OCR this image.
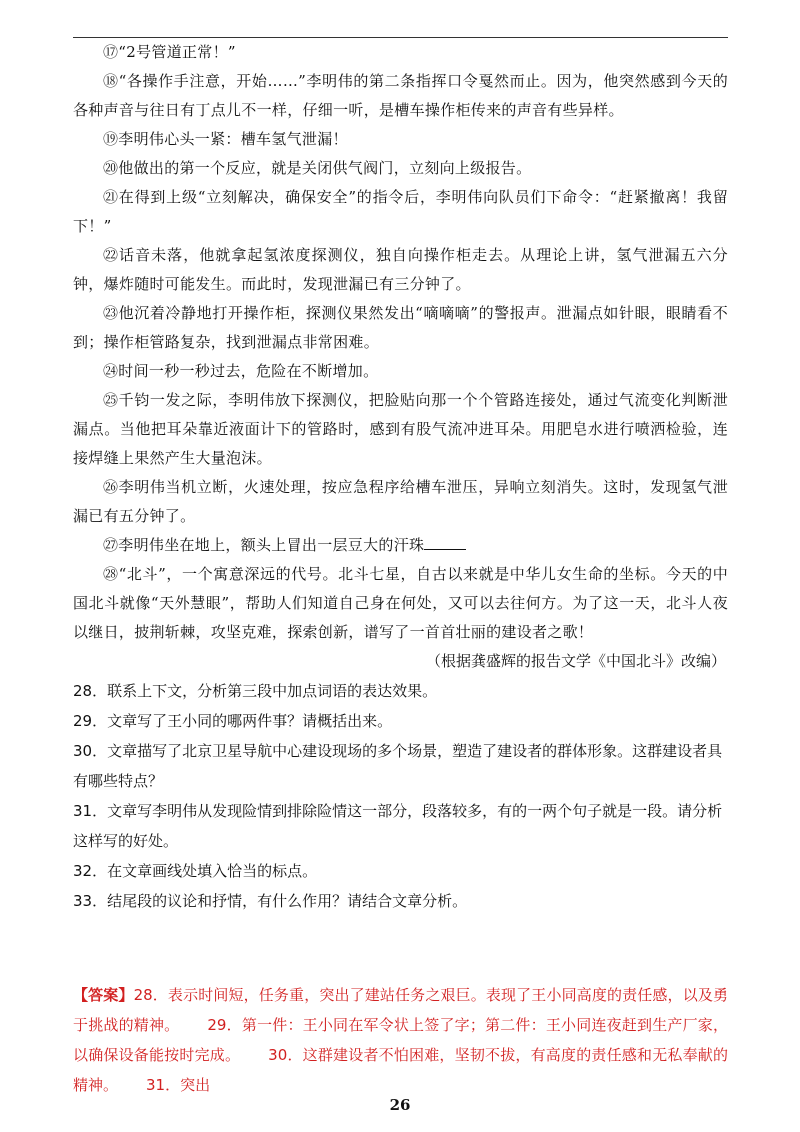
⑰“2号管道正常！”

⑱“各操作手注意，开始……”李明伟的第二条指挥口令戛然而止。因为，他突然感到今天的各种声音与往日有丁点儿不一样，仔细一听，是槽车操作柜传来的声音有些异样。

⑲李明伟心头一紧：槽车氢气泄漏！

⑳他做出的第一个反应，就是关闭供气阀门，立刻向上级报告。

㉑在得到上级“立刻解决，确保安全”的指令后，李明伟向队员们下命令：“赶紧撤离！我留下！”

㉒话音未落，他就拿起氢浓度探测仪，独自向操作柜走去。从理论上讲，氢气泄漏五六分钟，爆炸随时可能发生。而此时，发现泄漏已有三分钟了。

㉓他沉着冷静地打开操作柜，探测仪果然发出“嘀嘀嘀”的警报声。泄漏点如针眼，眼睛看不到；操作柜管路复杂，找到泄漏点非常困难。

㉔时间一秒一秒过去，危险在不断增加。

㉕千钧一发之际，李明伟放下探测仪，把脸贴向那一个个管路连接处，通过气流变化判断泄漏点。当他把耳朵靠近液面计下的管路时，感到有股气流冲进耳朵。用肥皂水进行喷洒检验，连接焊缝上果然产生大量泡沫。

㉖李明伟当机立断，火速处理，按应急程序给槽车泄压，异响立刻消失。这时，发现氢气泄漏已有五分钟了。

㉗李明伟坐在地上，额头上冒出一层豆大的汗珠

㉘“北斗”，一个寓意深远的代号。北斗七星，自古以来就是中华儿女生命的坐标。今天的中国北斗就像“天外慧眼”，帮助人们知道自己身在何处，又可以去往何方。为了这一天，北斗人夜以继日，披荆斩棘，攻坚克难，探索创新，谱写了一首首壮丽的建设者之歌！

（根据龚盛辉的报告文学《中国北斗》改编）

28．联系上下文，分析第三段中加点词语的表达效果。

29．文章写了王小同的哪两件事？请概括出来。

30．文章描写了北京卫星导航中心建设现场的多个场景，塑造了建设者的群体形象。这群建设者具有哪些特点？

31．文章写李明伟从发现险情到排除险情这一部分，段落较多，有的一两个句子就是一段。请分析这样写的好处。

32．在文章画线处填入恰当的标点。

33．结尾段的议论和抒情，有什么作用？请结合文章分析。

【答案】28．表示时间短，任务重，突出了建站任务之艰巨。表现了王小同高度的责任感，以及勇于挑战的精神。 29．第一件：王小同在军令状上签了字；第二件：王小同连夜赶到生产厂家，以确保设备能按时完成。 30．这群建设者不怕困难，坚韧不拔，有高度的责任感和无私奉献的精神。 31．突出
26
